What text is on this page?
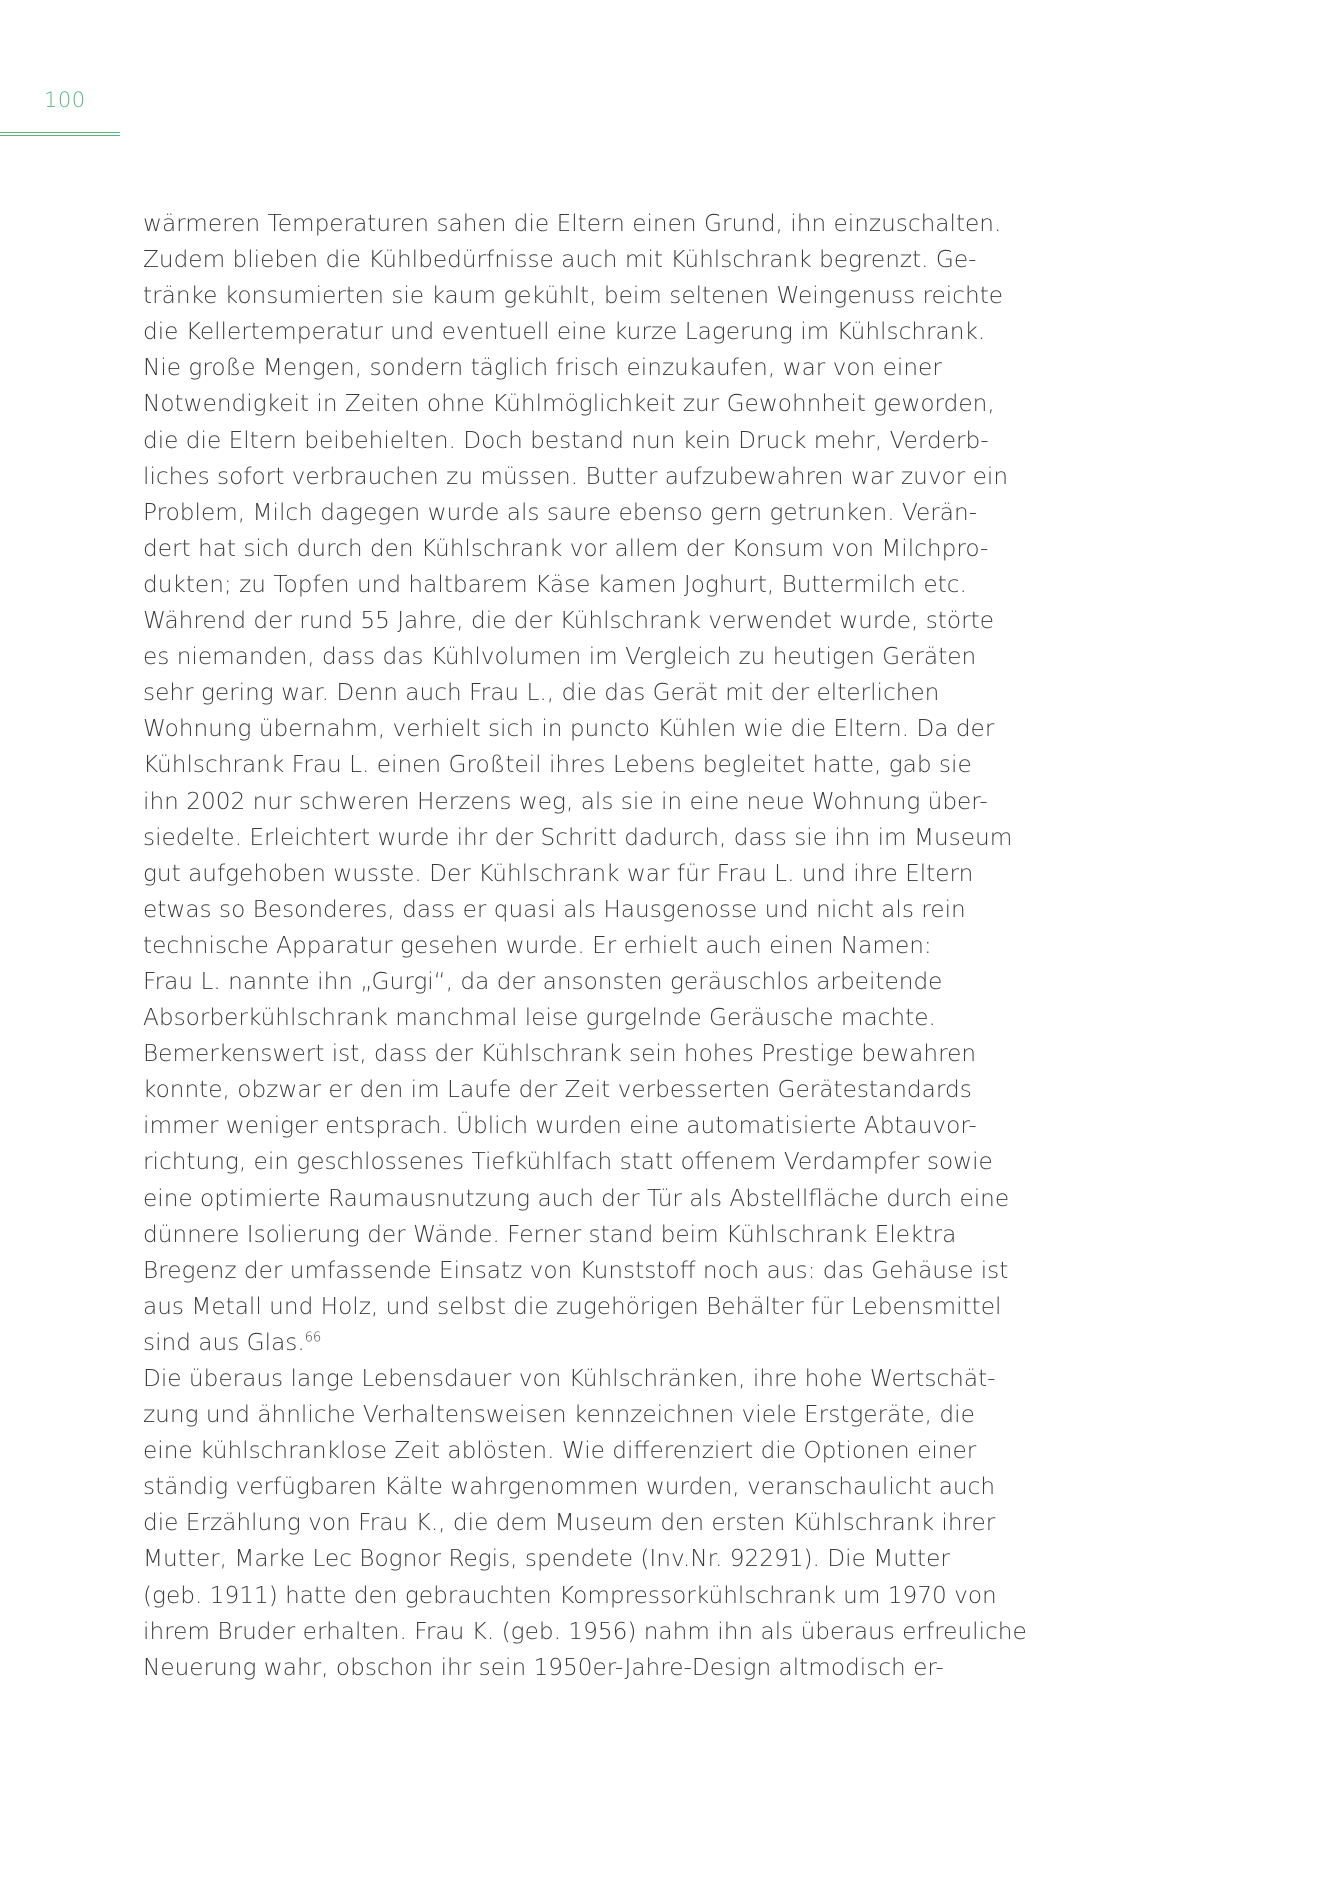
100
wärmeren Temperaturen sahen die Eltern einen Grund, ihn einzuschalten.
Zudem blieben die Kühlbedürfnisse auch mit Kühlschrank begrenzt. Ge-
tränke konsumierten sie kaum gekühlt, beim seltenen Weingenuss reichte
die Kellertemperatur und eventuell eine kurze Lagerung im Kühlschrank.
Nie große Mengen, sondern täglich frisch einzukaufen, war von einer
Notwendigkeit in Zeiten ohne Kühlmöglichkeit zur Gewohnheit geworden,
die die Eltern beibehielten. Doch bestand nun kein Druck mehr, Verderb-
liches sofort verbrauchen zu müssen. Butter aufzubewahren war zuvor ein
Problem, Milch dagegen wurde als saure ebenso gern getrunken. Verän-
dert hat sich durch den Kühlschrank vor allem der Konsum von Milchpro-
dukten; zu Topfen und haltbarem Käse kamen Joghurt, Buttermilch etc.
Während der rund 55 Jahre, die der Kühlschrank verwendet wurde, störte
es niemanden, dass das Kühlvolumen im Vergleich zu heutigen Geräten
sehr gering war. Denn auch Frau L., die das Gerät mit der elterlichen
Wohnung übernahm, verhielt sich in puncto Kühlen wie die Eltern. Da der
Kühlschrank Frau L. einen Großteil ihres Lebens begleitet hatte, gab sie
ihn 2002 nur schweren Herzens weg, als sie in eine neue Wohnung über-
siedelte. Erleichtert wurde ihr der Schritt dadurch, dass sie ihn im Museum
gut aufgehoben wusste. Der Kühlschrank war für Frau L. und ihre Eltern
etwas so Besonderes, dass er quasi als Hausgenosse und nicht als rein
technische Apparatur gesehen wurde. Er erhielt auch einen Namen:
Frau L. nannte ihn „Gurgi“, da der ansonsten geräuschlos arbeitende
Absorberkühlschrank manchmal leise gurgelnde Geräusche machte.
Bemerkenswert ist, dass der Kühlschrank sein hohes Prestige bewahren
konnte, obzwar er den im Laufe der Zeit verbesserten Gerätestandards
immer weniger entsprach. Üblich wurden eine automatisierte Abtauvor-
richtung, ein geschlossenes Tiefkühlfach statt offenem Verdampfer sowie
eine optimierte Raumausnutzung auch der Tür als Abstellfläche durch eine
dünnere Isolierung der Wände. Ferner stand beim Kühlschrank Elektra
Bregenz der umfassende Einsatz von Kunststoff noch aus: das Gehäuse ist
aus Metall und Holz, und selbst die zugehörigen Behälter für Lebensmittel
sind aus Glas.$^{66}$
Die überaus lange Lebensdauer von Kühlschränken, ihre hohe Wertschät-
zung und ähnliche Verhaltensweisen kennzeichnen viele Erstgeräte, die
eine kühlschranklose Zeit ablösten. Wie differenziert die Optionen einer
ständig verfügbaren Kälte wahrgenommen wurden, veranschaulicht auch
die Erzählung von Frau K., die dem Museum den ersten Kühlschrank ihrer
Mutter, Marke Lec Bognor Regis, spendete (Inv.Nr. 92291). Die Mutter
(geb. 1911) hatte den gebrauchten Kompressorkühlschrank um 1970 von
ihrem Bruder erhalten. Frau K. (geb. 1956) nahm ihn als überaus erfreuliche
Neuerung wahr, obschon ihr sein 1950er-Jahre-Design altmodisch er-
